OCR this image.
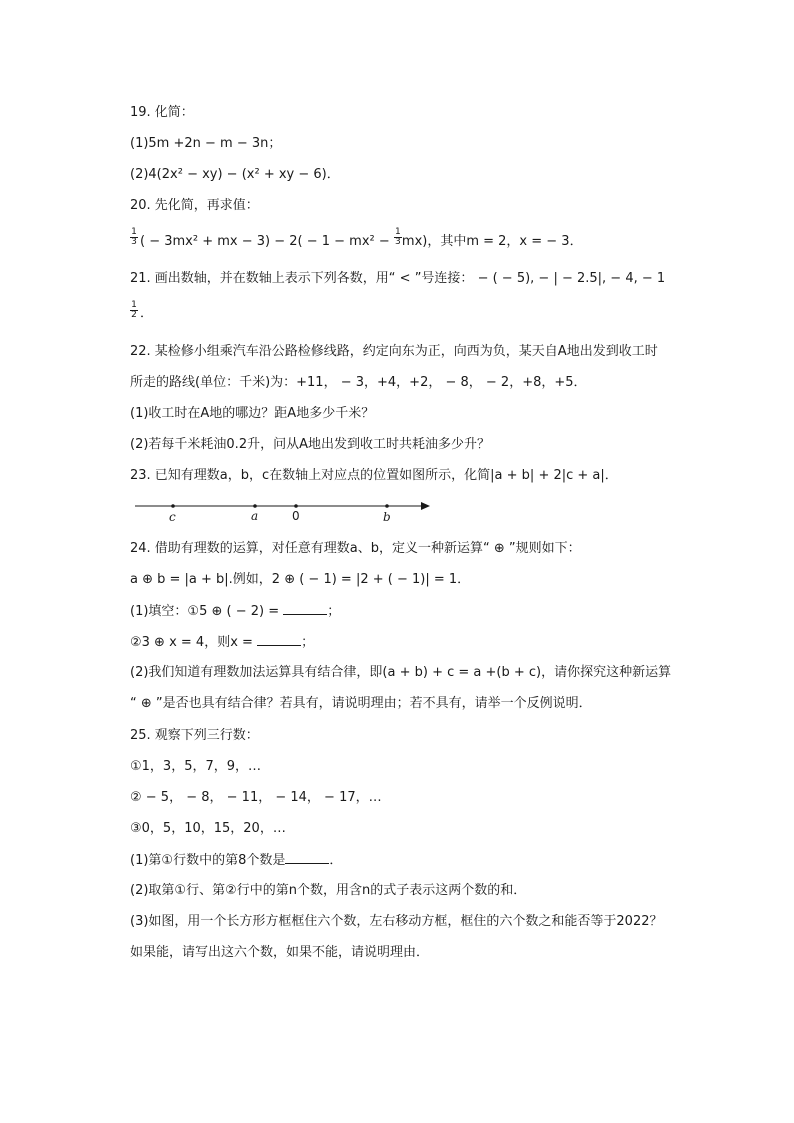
19. 化简：
(1)5m +2n − m − 3n；
(2)4(2x² − xy) − (x² + xy − 6)．
20. 先化简，再求值：
$\frac{1}{3}$ ( − 3mx² + mx − $3) - 2( - 1 - mx^2 - \frac{1}{3} mx)$，其中m = 2，x = − 3．
21. 画出数轴，并在数轴上表示下列各数，用“ < ”号连接： − ( − 5), − | − 2.5|, − 4, − 1
$\frac{1}{2}$ ．
22. 某检修小组乘汽车沿公路检修线路，约定向东为正，向西为负，某天自A地出发到收工时
所走的路线(单位：千米)为：+11， − 3，+4，+2， − 8， − 2，+8，+5．
(1)收工时在A地的哪边？距A地多少千米？
(2)若每千米耗油0.2升，问从A地出发到收工时共耗油多少升？
23. 已知有理数a，b，c在数轴上对应点的位置如图所示，化简|a + b| + 2|c + a|．
c	a	0	b
24. 借助有理数的运算，对任意有理数a、b，定义一种新运算“ ⊕ ”规则如下：
a ⊕ b = |a + b|.例如，2 ⊕ ( − 1) = |2 + ( − 1)| = 1．
(1)填空：①5 ⊕ ( − 2) =	；
②3 ⊕ x = 4，则x =	；
(2)我们知道有理数加法运算具有结合律，即(a + b) + c = a +(b + c)，请你探究这种新运算
“ ⊕ ”是否也具有结合律？若具有，请说明理由；若不具有，请举一个反例说明．
25. 观察下列三行数：
①1，3，5，7，9，…
② − 5， − 8， − 11， − 14， − 17，…
③0，5，10，15，20，…
(1)第①行数中的第8个数是	．
(2)取第①行、第②行中的第n个数，用含n的式子表示这两个数的和．
(3)如图，用一个长方形方框框住六个数，左右移动方框，框住的六个数之和能否等于2022？
如果能，请写出这六个数，如果不能，请说明理由．
